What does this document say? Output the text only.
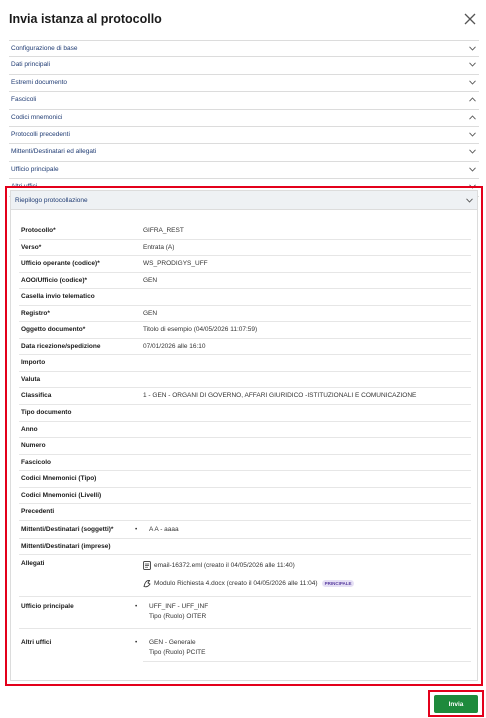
Invia istanza al protocollo
Configurazione di base
Dati principali
Estremi documento
Fascicoli
Codici mnemonici
Protocolli precedenti
Mittenti/Destinatari ed allegati
Ufficio principale
Altri uffici
Riepilogo protocollazione
Protocollo*	GIFRA_REST
Verso*	Entrata (A)
Ufficio operante (codice)*	WS_PRODIGYS_UFF
AOO/Ufficio (codice)*	GEN
Casella invio telematico
Registro*	GEN
Oggetto documento*	Titolo di esempio (04/05/2026 11:07:59)
Data ricezione/spedizione	07/01/2026 alle 16:10
Importo
Valuta
Classifica	1 - GEN - ORGANI DI GOVERNO, AFFARI GIURIDICO -ISTITUZIONALI E COMUNICAZIONE
Tipo documento
Anno
Numero
Fascicolo
Codici Mnemonici (Tipo)
Codici Mnemonici (Livelli)
Precedenti
Mittenti/Destinatari (soggetti)*	• A A - aaaa
Mittenti/Destinatari (imprese)
Allegati	email-16372.eml (creato il 04/05/2026 alle 11:40)
Modulo Richiesta 4.docx (creato il 04/05/2026 alle 11:04)	PRINCIPALE
Ufficio principale	• UFF_INF - UFF_INF
Tipo (Ruolo) OITER
Altri uffici	• GEN - Generale
Tipo (Ruolo) PCITE
Invia
